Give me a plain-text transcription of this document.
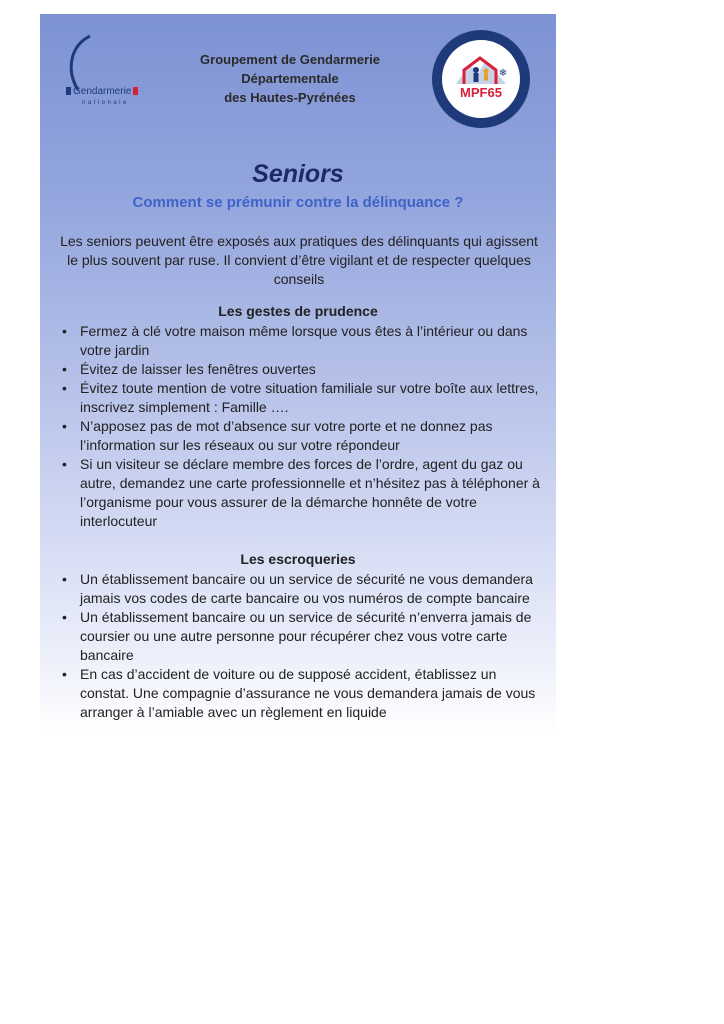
Gendarmerie
nationale
Groupement de Gendarmerie
Départementale
des Hautes-Pyrénées
Maison de Protection des Familles
GENDARMERIE
❄
MPF65
Seniors
Comment se prémunir contre la délinquance ?
Les seniors peuvent être exposés aux pratiques des délinquants qui agissent le plus souvent par ruse. Il convient d’être vigilant et de respecter quelques conseils
Les gestes de prudence
• Fermez à clé votre maison même lorsque vous êtes à l’intérieur ou dans votre jardin
• Évitez de laisser les fenêtres ouvertes
• Évitez toute mention de votre situation familiale sur votre boîte aux lettres, inscrivez simplement : Famille ….
• N’apposez pas de mot d’absence sur votre porte et ne donnez pas l’information sur les réseaux ou sur votre répondeur
• Si un visiteur se déclare membre des forces de l’ordre, agent du gaz ou autre, demandez une carte professionnelle et n’hésitez pas à téléphoner à l’organisme pour vous assurer de la démarche honnête de votre interlocuteur
Les escroqueries
• Un établissement bancaire ou un service de sécurité ne vous demandera jamais vos codes de carte bancaire ou vos numéros de compte bancaire
• Un établissement bancaire ou un service de sécurité n’enverra jamais de coursier ou une autre personne pour récupérer chez vous votre carte bancaire
• En cas d’accident de voiture ou de supposé accident, établissez un constat. Une compagnie d’assurance ne vous demandera jamais de vous arranger à l’amiable avec un règlement en liquide
